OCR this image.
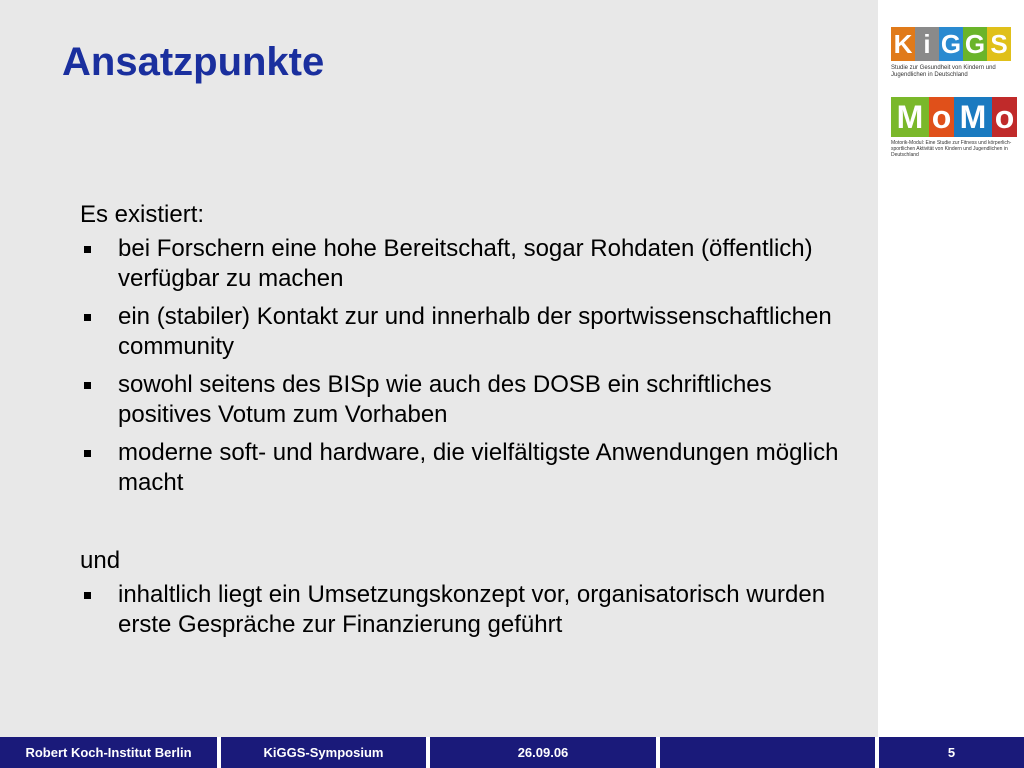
Ansatzpunkte
Es existiert:
bei Forschern eine hohe Bereitschaft, sogar Rohdaten (öffentlich) verfügbar zu machen
ein (stabiler) Kontakt zur und innerhalb der sportwissenschaftlichen community
sowohl seitens des BISp wie auch des DOSB ein schriftliches positives Votum zum Vorhaben
moderne soft- und hardware, die vielfältigste Anwendungen möglich macht
und
inhaltlich liegt ein Umsetzungskonzept vor, organisatorisch wurden erste Gespräche zur Finanzierung geführt
K i G G S
Studie zur Gesundheit von Kindern und Jugendlichen in Deutschland
M o M o
Motorik-Modul: Eine Studie zur Fitness und körperlich-sportlichen Aktivität von Kindern und Jugendlichen in Deutschland
Robert Koch-Institut Berlin	KiGGS-Symposium	26.09.06	5
